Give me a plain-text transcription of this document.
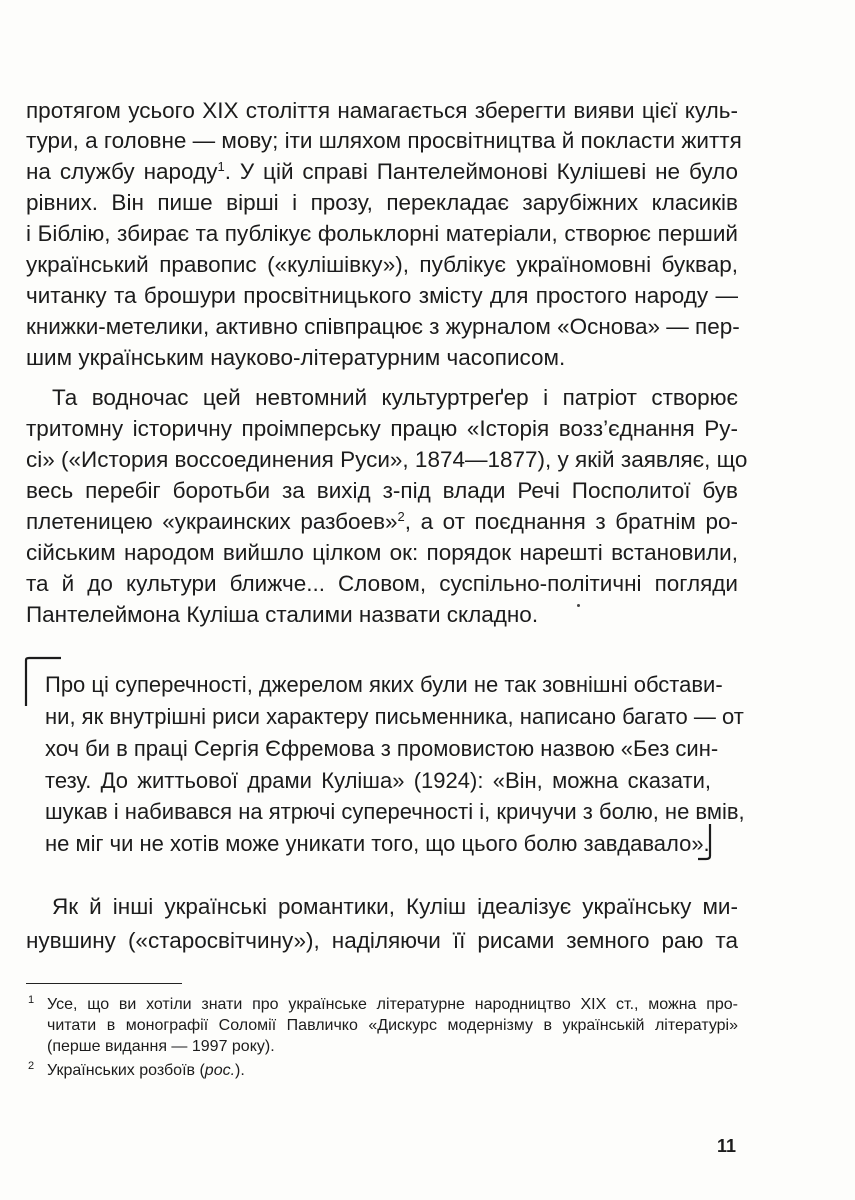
протягом усього ХІХ століття намагається зберегти вияви цієї куль-
тури, а головне — мову; іти шляхом просвітництва й покласти життя
на службу народу$^1$. У цій справі Пантелеймонові Кулішеві не було
рівних. Він пише вірші і прозу, перекладає зарубіжних класиків
і Біблію, збирає та публікує фольклорні матеріали, створює перший
український правопис («кулішівку»), публікує україномовні буквар,
читанку та брошури просвітницького змісту для простого народу —
книжки-метелики, активно співпрацює з журналом «Основа» — пер-
шим українським науково-літературним часописом.
Та водночас цей невтомний культуртреґер і патріот створює
тритомну історичну проімперську працю «Історія возз’єднання Ру-
сі» («История воссоединения Руси», 1874—1877), у якій заявляє, що
весь перебіг боротьби за вихід з-під влади Речі Посполитої був
плетеницею «украинских разбоев»$^2$, а от поєднання з братнім ро-
сійським народом вийшло цілком ок: порядок нарешті встановили,
та й до культури ближче... Словом, суспільно-політичні погляди
Пантелеймона Куліша сталими назвати складно.
Про ці суперечності, джерелом яких були не так зовнішні обстави-
ни, як внутрішні риси характеру письменника, написано багато — от
хоч би в праці Сергія Єфремова з промовистою назвою «Без син-
тезу. До життьової драми Куліша» (1924): «Він, можна сказати,
шукав і набивався на ятрючі суперечності і, кричучи з болю, не вмів,
не міг чи не хотів може уникати того, що цього болю завдавало».
Як й інші українські романтики, Куліш ідеалізує українську ми-
нувшину («старосвітчину»), наділяючи її рисами земного раю та
1 Усе, що ви хотіли знати про українське літературне народництво ХІХ ст., можна про-
читати в монографії Соломії Павличко «Дискурс модернізму в українській літературі»
(перше видання — 1997 року).
2 Українських розбоїв (рос.).
11
